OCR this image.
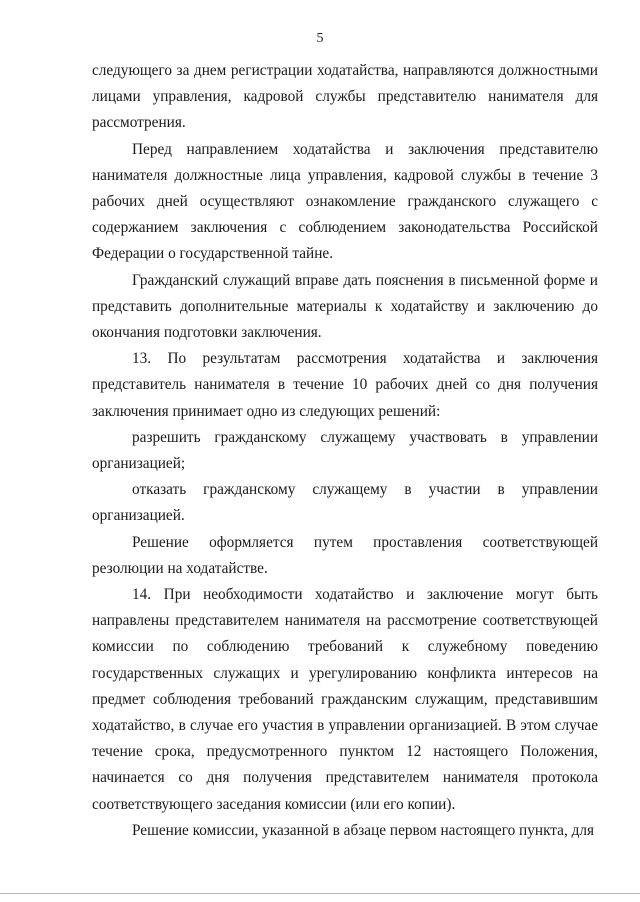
5

следующего за днем регистрации ходатайства, направляются должностными лицами управления, кадровой службы представителю нанимателя для рассмотрения.

Перед направлением ходатайства и заключения представителю нанимателя должностные лица управления, кадровой службы в течение 3 рабочих дней осуществляют ознакомление гражданского служащего с содержанием заключения с соблюдением законодательства Российской Федерации о государственной тайне.

Гражданский служащий вправе дать пояснения в письменной форме и представить дополнительные материалы к ходатайству и заключению до окончания подготовки заключения.

13. По результатам рассмотрения ходатайства и заключения представитель нанимателя в течение 10 рабочих дней со дня получения заключения принимает одно из следующих решений:

разрешить гражданскому служащему участвовать в управлении организацией;

отказать гражданскому служащему в участии в управлении организацией.

Решение оформляется путем проставления соответствующей резолюции на ходатайстве.

14. При необходимости ходатайство и заключение могут быть направлены представителем нанимателя на рассмотрение соответствующей комиссии по соблюдению требований к служебному поведению государственных служащих и урегулированию конфликта интересов на предмет соблюдения требований гражданским служащим, представившим ходатайство, в случае его участия в управлении организацией. В этом случае течение срока, предусмотренного пунктом 12 настоящего Положения, начинается со дня получения представителем нанимателя протокола соответствующего заседания комиссии (или его копии).

Решение комиссии, указанной в абзаце первом настоящего пункта, для
